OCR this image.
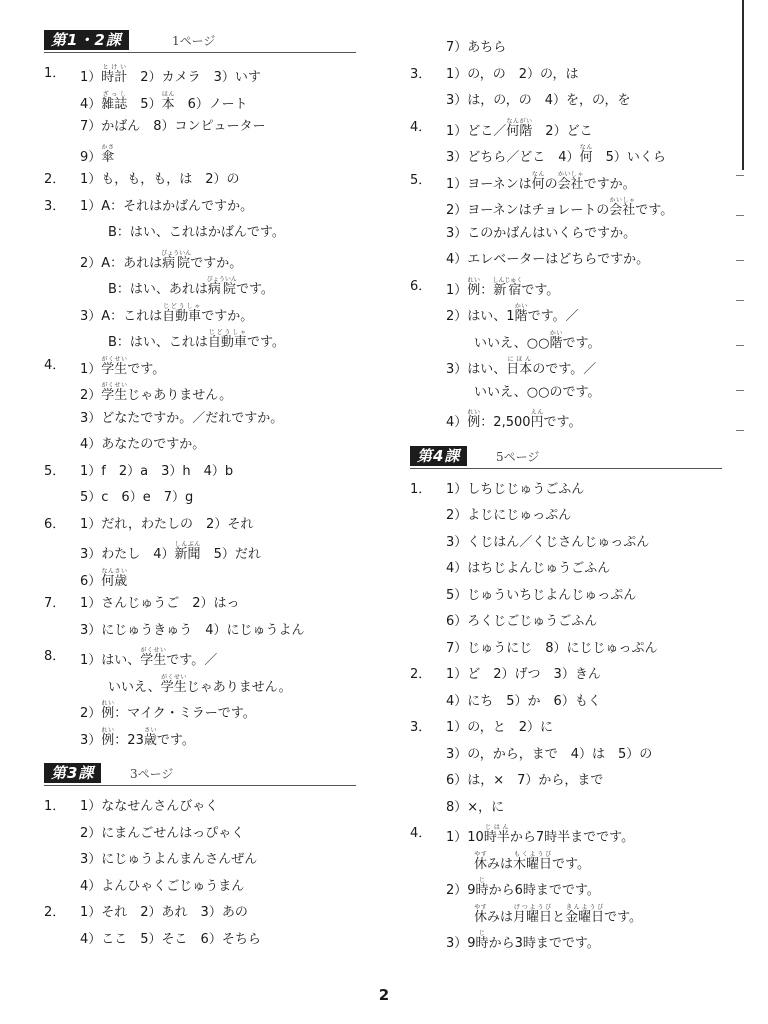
第1・2課	1ページ
1． 1）時計とけい　2）カメラ　3）いす
4）雑誌ざっし　5）本ほん　6）ノート
7）かばん　8）コンピューター
9）傘かさ
2． 1）も，も，も，は　2）の
3． 1）A：それはかばんですか。
B：はい、これはかばんです。
2）A：あれは病院びょういんですか。
B：はい、あれは病院びょういんです。
3）A：これは自動車じどうしゃですか。
B：はい、これは自動車じどうしゃです。
4． 1）学生がくせいです。
2）学生がくせいじゃありません。
3）どなたですか。／だれですか。
4）あなたのですか。
5． 1）f　2）a　3）h　4）b
5）c　6）e　7）g
6． 1）だれ，わたしの　2）それ
3）わたし　4）新聞しんぶん　5）だれ
6）何歳なんさい
7． 1）さんじゅうご　2）はっ
3）にじゅうきゅう　4）にじゅうよん
8． 1）はい、学生がくせいです。／
いいえ、学生がくせいじゃありません。
2）例れい：マイク・ミラーです。
3）例れい：23歳さいです。
第3課	3ページ
1． 1）ななせんさんびゃく
2）にまんごせんはっぴゃく
3）にじゅうよんまんさんぜん
4）よんひゃくごじゅうまん
2． 1）それ　2）あれ　3）あの
4）ここ　5）そこ　6）そちら
7）あちら
3． 1）の，の　2）の，は
3）は，の，の　4）を，の，を
4． 1）どこ／何階なんがい　2）どこ
3）どちら／どこ　4）何なん　5）いくら
5． 1）ヨーネンは何なんの会社かいしゃですか。
2）ヨーネンはチョレートの会社かいしゃです。
3）このかばんはいくらですか。
4）エレベーターはどちらですか。
6． 1）例れい：新宿しんじゅくです。
2）はい、1階かいです。／
いいえ、○○階かいです。
3）はい、日本にほんのです。／
いいえ、○○のです。
4）例れい：2,500円えんです。
第4課	5ページ
1． 1）しちじじゅうごふん
2）よじにじゅっぷん
3）くじはん／くじさんじゅっぷん
4）はちじよんじゅうごふん
5）じゅういちじよんじゅっぷん
6）ろくじごじゅうごふん
7）じゅうにじ　8）にじじゅっぷん
2． 1）ど　2）げつ　3）きん
4）にち　5）か　6）もく
3． 1）の，と　2）に
3）の，から，まで　4）は　5）の
6）は，×　7）から，まで
8）×，に
4． 1）10時半じはんから7時半までです。
休やすみは木曜日もくようびです。
2）9時じから6時までです。
休やすみは月曜日げつようびと金曜日きんようびです。
3）9時じから3時までです。
2
